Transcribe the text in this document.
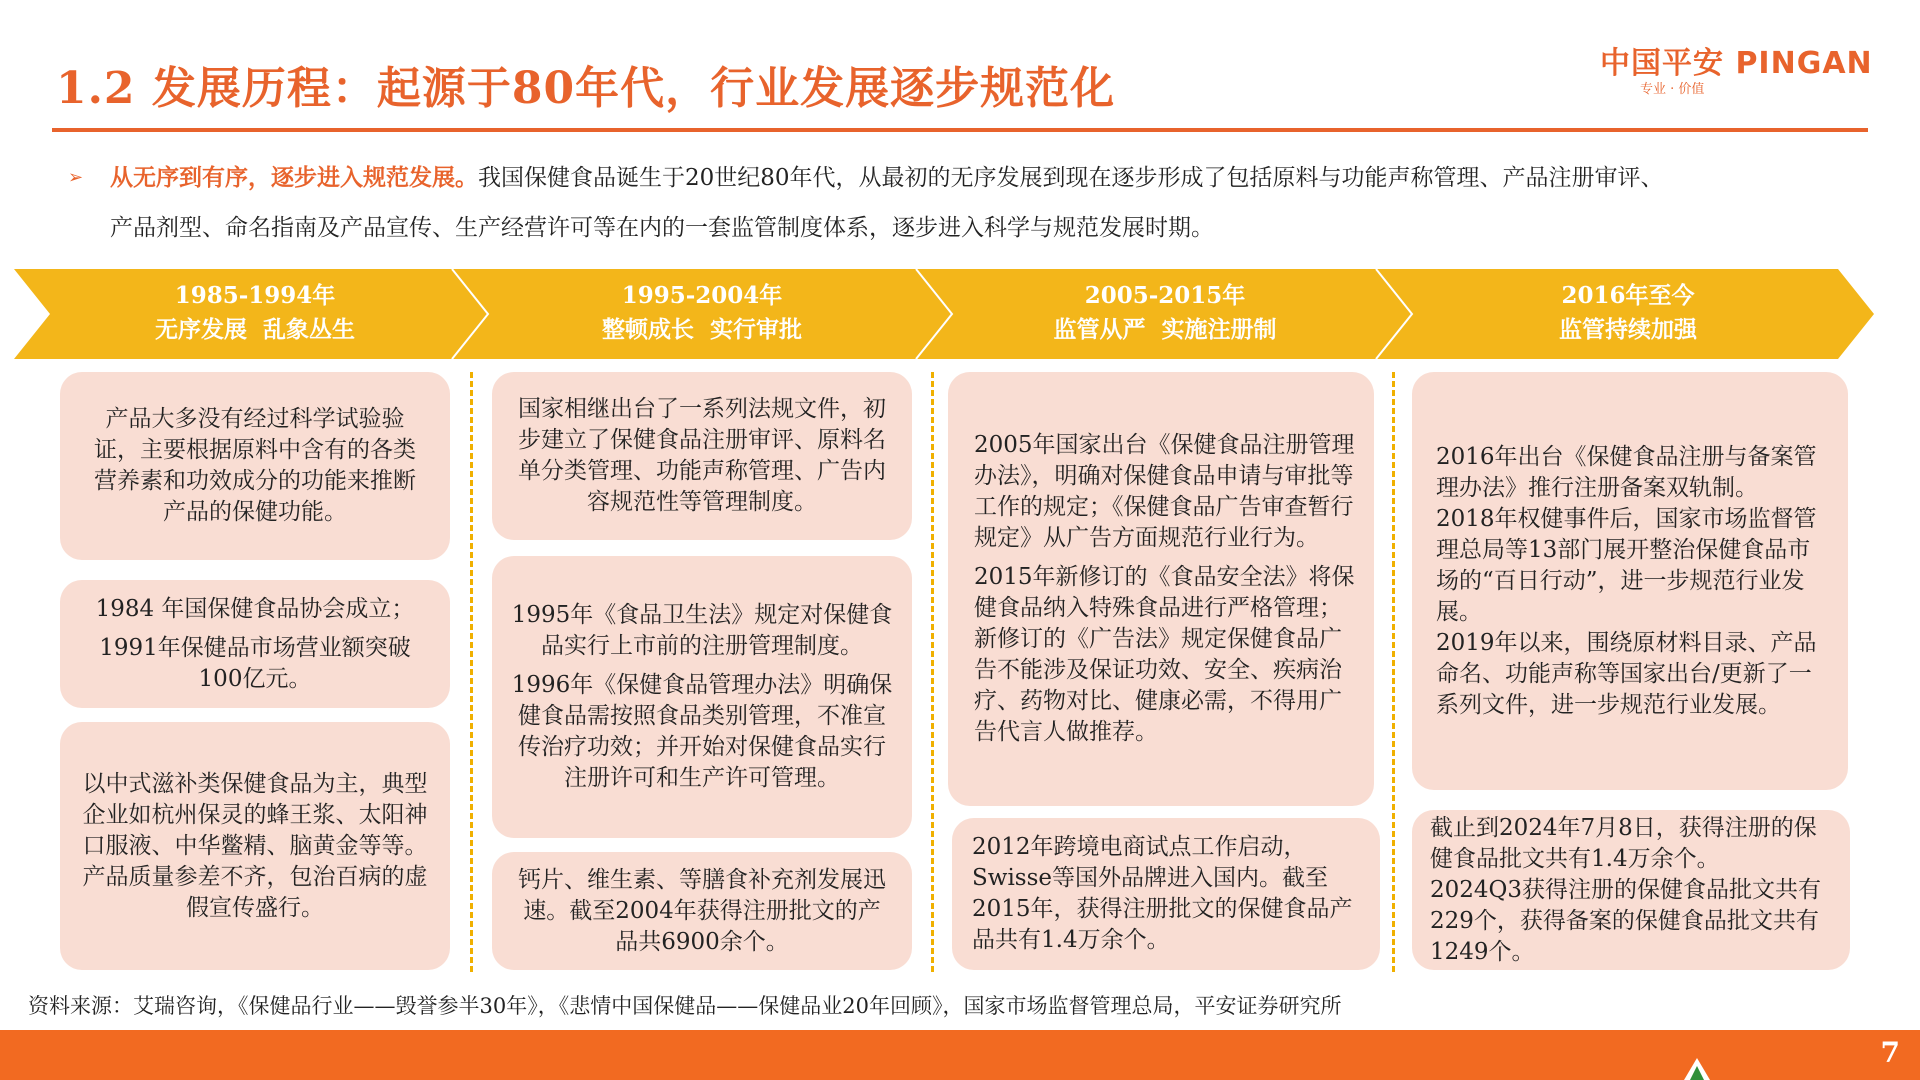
1.2 发展历程：起源于80年代，行业发展逐步规范化	中国平安 PINGAN
专业 · 价值
➢ 从无序到有序，逐步进入规范发展。我国保健食品诞生于20世纪80年代，从最初的无序发展到现在逐步形成了包括原料与功能声称管理、产品注册审评、
产品剂型、命名指南及产品宣传、生产经营许可等在内的一套监管制度体系，逐步进入科学与规范发展时期。
1985-1994年
无序发展  乱象丛生
1995-2004年
整顿成长  实行审批
2005-2015年
监管从严  实施注册制
2016年至今
监管持续加强

产品大多没有经过科学试验验证，主要根据原料中含有的各类营养素和功效成分的功能来推断产品的保健功能。

1984 年国保健食品协会成立；

1991年保健品市场营业额突破100亿元。

以中式滋补类保健食品为主，典型企业如杭州保灵的蜂王浆、太阳神口服液、中华鳖精、脑黄金等等。产品质量参差不齐，包治百病的虚假宣传盛行。

国家相继出台了一系列法规文件，初步建立了保健食品注册审评、原料名单分类管理、功能声称管理、广告内容规范性等管理制度。

1995年《食品卫生法》规定对保健食品实行上市前的注册管理制度。

1996年《保健食品管理办法》明确保健食品需按照食品类别管理，不准宣传治疗功效；并开始对保健食品实行注册许可和生产许可管理。

钙片、维生素、等膳食补充剂发展迅速。截至2004年获得注册批文的产品共6900余个。

2005年国家出台《保健食品注册管理办法》，明确对保健食品申请与审批等工作的规定；《保健食品广告审查暂行规定》从广告方面规范行业行为。

2015年新修订的《食品安全法》将保健食品纳入特殊食品进行严格管理；新修订的《广告法》规定保健食品广告不能涉及保证功效、安全、疾病治疗、药物对比、健康必需，不得用广告代言人做推荐。

2012年跨境电商试点工作启动，Swisse等国外品牌进入国内。截至2015年，获得注册批文的保健食品产品共有1.4万余个。

2016年出台《保健食品注册与备案管理办法》推行注册备案双轨制。

2018年权健事件后，国家市场监督管理总局等13部门展开整治保健食品市场的“百日行动”，进一步规范行业发展。

2019年以来，围绕原材料目录、产品命名、功能声称等国家出台/更新了一系列文件，进一步规范行业发展。

截止到2024年7月8日，获得注册的保健食品批文共有1.4万余个。

2024Q3获得注册的保健食品批文共有229个，获得备案的保健食品批文共有1249个。

资料来源：艾瑞咨询，《保健品行业——毁誉参半30年》，《悲情中国保健品——保健品业20年回顾》，国家市场监督管理总局，平安证券研究所
7
